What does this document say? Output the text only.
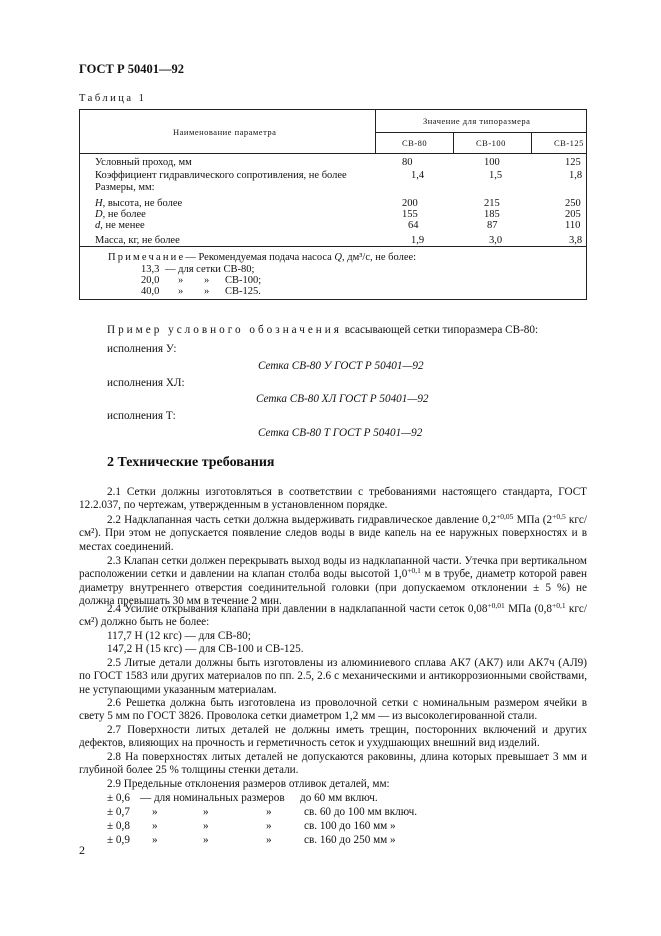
ГОСТ Р 50401—92
Таблица 1
Наименование параметра
Значение для типоразмера
СВ-80	СВ-100	СВ-125
Условный проход, мм	80	100	125
Коэффициент гидравлического сопротивления, не более	1,4	1,5	1,8
Размеры, мм:
H, высота, не более	200	215	250
D, не более	155	185	205
d, не менее	64	87	110
Масса, кг, не более	1,9	3,0	3,8
Примечание— Рекомендуемая подача насоса Q, дм³/с, не более:
13,3 — для сетки СВ-80;
20,0 » » СВ-100;
40,0 » » СВ-125.
Пример условного обозначения всасывающей сетки типоразмера СВ-80:
исполнения У:
Сетка СВ-80 У ГОСТ Р 50401—92
исполнения ХЛ:
Сетка СВ-80 ХЛ ГОСТ Р 50401—92
исполнения Т:
Сетка СВ-80 Т ГОСТ Р 50401—92
2 Технические требования
2.1 Сетки должны изготовляться в соответствии с требованиями настоящего стандарта, ГОСТ 12.2.037, по чертежам, утвержденным в установленном порядке.
2.2 Надклапанная часть сетки должна выдерживать гидравлическое давление $0,2^{+0,05}$ МПа ($2^{+0,5}$ кгс/см²). При этом не допускается появление следов воды в виде капель на ее наружных поверхностях и в местах соединений.
2.3 Клапан сетки должен перекрывать выход воды из надклапанной части. Утечка при вертикальном расположении сетки и давлении на клапан столба воды высотой $1,0^{+0,1}$ м в трубе, диаметр которой равен диаметру внутреннего отверстия соединительной головки (при допускаемом отклонении ± 5 %) не должна превышать 30 мм в течение 2 мин.
2.4 Усилие открывания клапана при давлении в надклапанной части сеток $0,08^{+0,01}$ МПа ($0,8^{+0,1}$ кгс/см²) должно быть не более:
117,7 Н (12 кгс) — для СВ-80;
147,2 Н (15 кгс) — для СВ-100 и СВ-125.
2.5 Литые детали должны быть изготовлены из алюминиевого сплава АК7 (АК7) или АК7ч (АЛ9) по ГОСТ 1583 или других материалов по пп. 2.5, 2.6 с механическими и антикоррозионными свойствами, не уступающими указанным материалам.
2.6 Решетка должна быть изготовлена из проволочной сетки с номинальным размером ячейки в свету 5 мм по ГОСТ 3826. Проволока сетки диаметром 1,2 мм — из высоколегированной стали.
2.7 Поверхности литых деталей не должны иметь трещин, посторонних включений и других дефектов, влияющих на прочность и герметичность сеток и ухудшающих внешний вид изделий.
2.8 На поверхностях литых деталей не допускаются раковины, длина которых превышает 3 мм и глубиной более 25 % толщины стенки детали.
2.9 Предельные отклонения размеров отливок деталей, мм:
± 0,6 — для номинальных размеров до 60 мм включ.
± 0,7 »	»	»	св. 60 до 100 мм включ.
± 0,8 »	»	»	св. 100 до 160 мм »
± 0,9 »	»	»	св. 160 до 250 мм »
2
